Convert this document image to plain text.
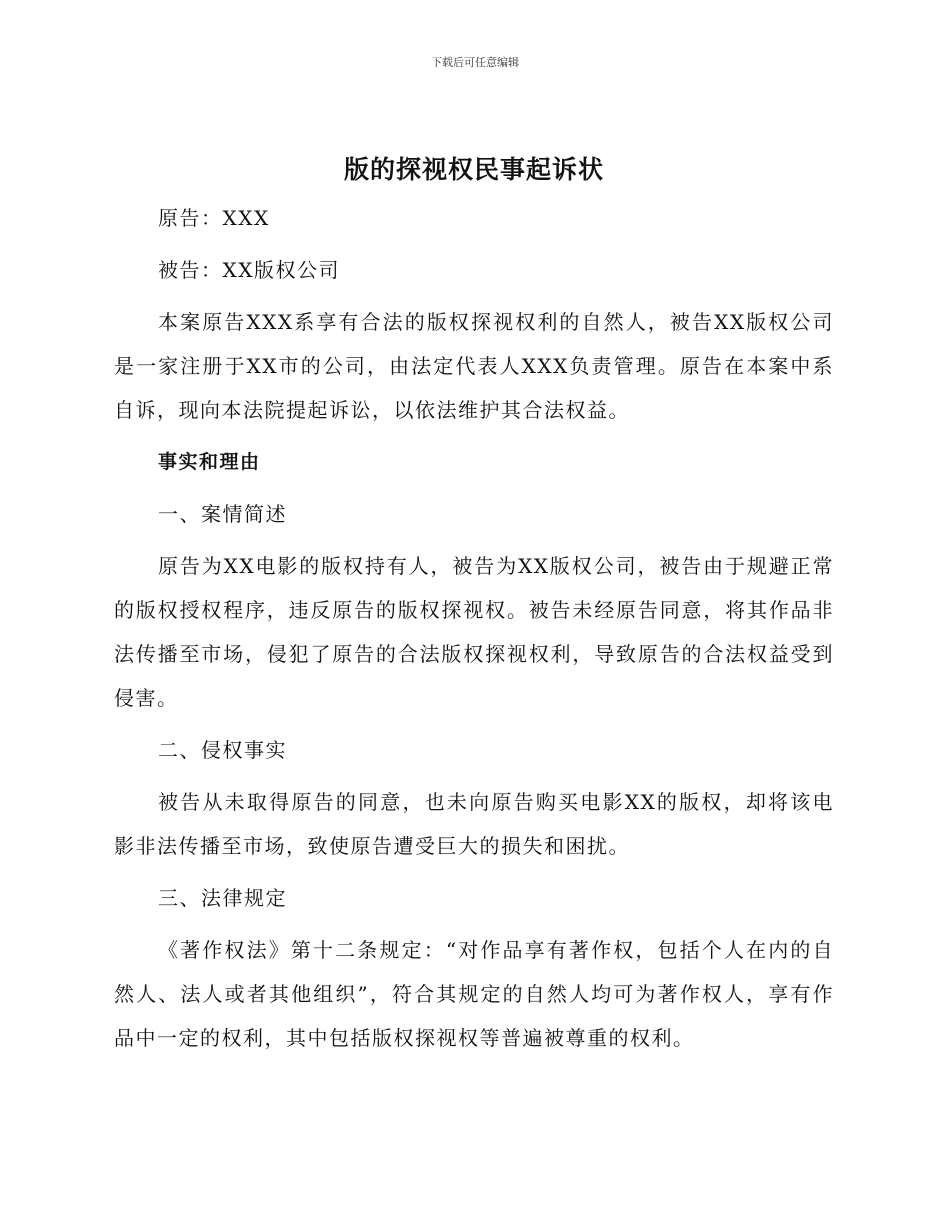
下载后可任意编辑
版的探视权民事起诉状

原告：XXX

被告：XX版权公司

本案原告XXX系享有合法的版权探视权利的自然人，被告XX版权公司是一家注册于XX市的公司，由法定代表人XXX负责管理。原告在本案中系自诉，现向本法院提起诉讼，以依法维护其合法权益。

事实和理由

一、案情简述

原告为XX电影的版权持有人，被告为XX版权公司，被告由于规避正常的版权授权程序，违反原告的版权探视权。被告未经原告同意，将其作品非法传播至市场，侵犯了原告的合法版权探视权利，导致原告的合法权益受到侵害。

二、侵权事实

被告从未取得原告的同意，也未向原告购买电影XX的版权，却将该电影非法传播至市场，致使原告遭受巨大的损失和困扰。

三、法律规定

《著作权法》第十二条规定：“对作品享有著作权，包括个人在内的自然人、法人或者其他组织”，符合其规定的自然人均可为著作权人，享有作品中一定的权利，其中包括版权探视权等普遍被尊重的权利。
